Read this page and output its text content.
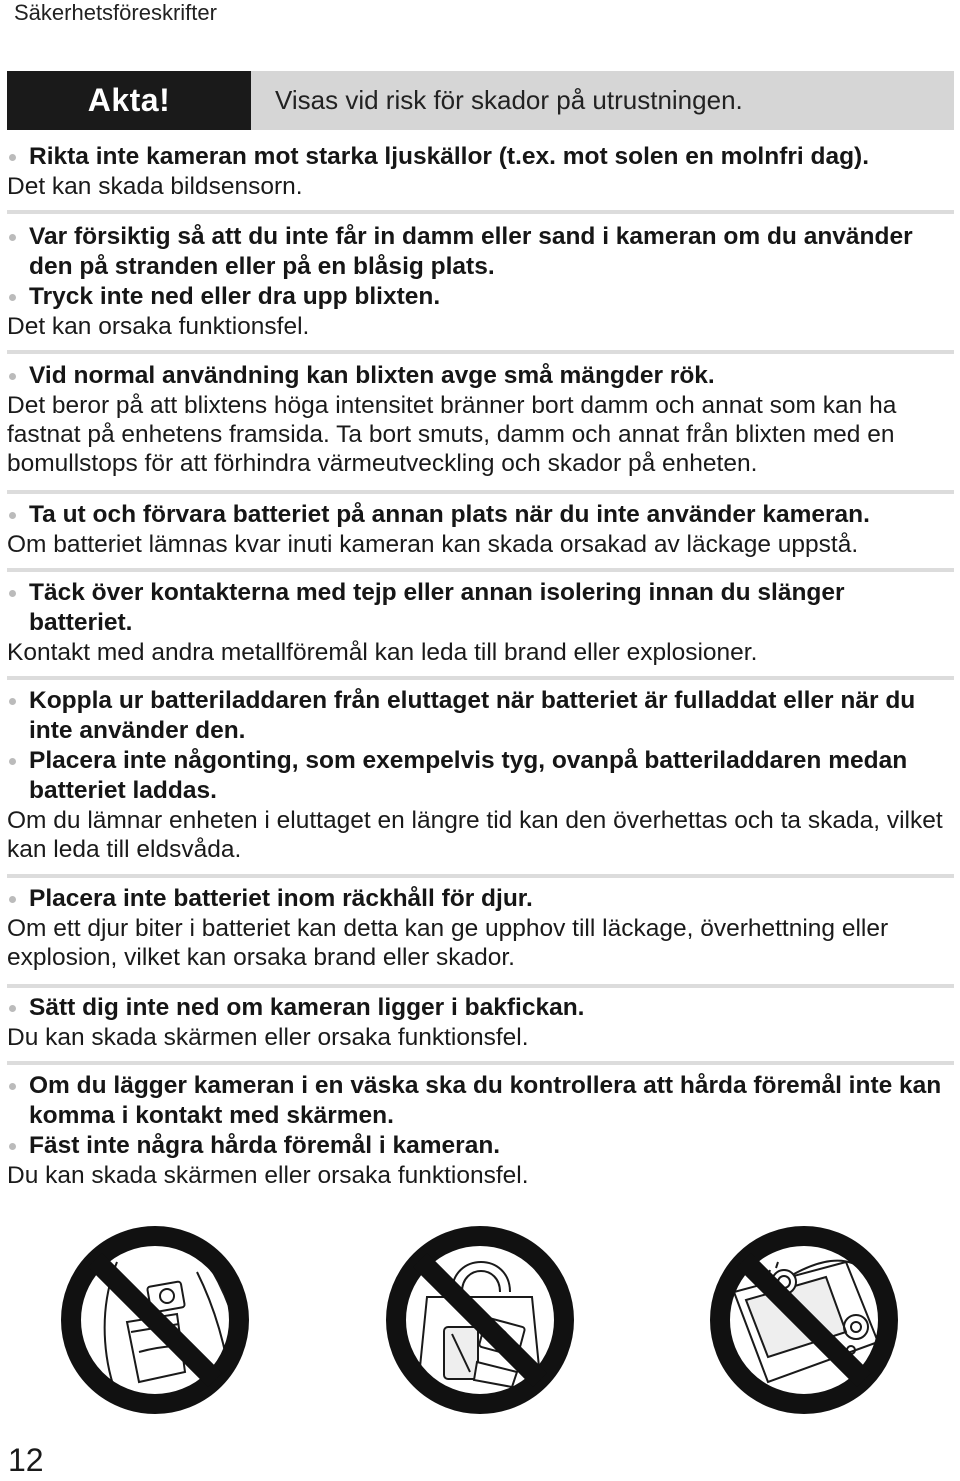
Säkerhetsföreskrifter
Akta!	Visas vid risk för skador på utrustningen.
Rikta inte kameran mot starka ljuskällor (t.ex. mot solen en molnfri dag).
Det kan skada bildsensorn.
Var försiktig så att du inte får in damm eller sand i kameran om du använder den på stranden eller på en blåsig plats.
Tryck inte ned eller dra upp blixten.
Det kan orsaka funktionsfel.
Vid normal användning kan blixten avge små mängder rök.
Det beror på att blixtens höga intensitet bränner bort damm och annat som kan ha fastnat på enhetens framsida. Ta bort smuts, damm och annat från blixten med en bomullstops för att förhindra värmeutveckling och skador på enheten.
Ta ut och förvara batteriet på annan plats när du inte använder kameran.
Om batteriet lämnas kvar inuti kameran kan skada orsakad av läckage uppstå.
Täck över kontakterna med tejp eller annan isolering innan du slänger batteriet.
Kontakt med andra metallföremål kan leda till brand eller explosioner.
Koppla ur batteriladdaren från eluttaget när batteriet är fulladdat eller när du inte använder den.
Placera inte någonting, som exempelvis tyg, ovanpå batteriladdaren medan batteriet laddas.
Om du lämnar enheten i eluttaget en längre tid kan den överhettas och ta skada, vilket kan leda till eldsvåda.
Placera inte batteriet inom räckhåll för djur.
Om ett djur biter i batteriet kan detta kan ge upphov till läckage, överhettning eller explosion, vilket kan orsaka brand eller skador.
Sätt dig inte ned om kameran ligger i bakfickan.
Du kan skada skärmen eller orsaka funktionsfel.
Om du lägger kameran i en väska ska du kontrollera att hårda föremål inte kan komma i kontakt med skärmen.
Fäst inte några hårda föremål i kameran.
Du kan skada skärmen eller orsaka funktionsfel.
12
